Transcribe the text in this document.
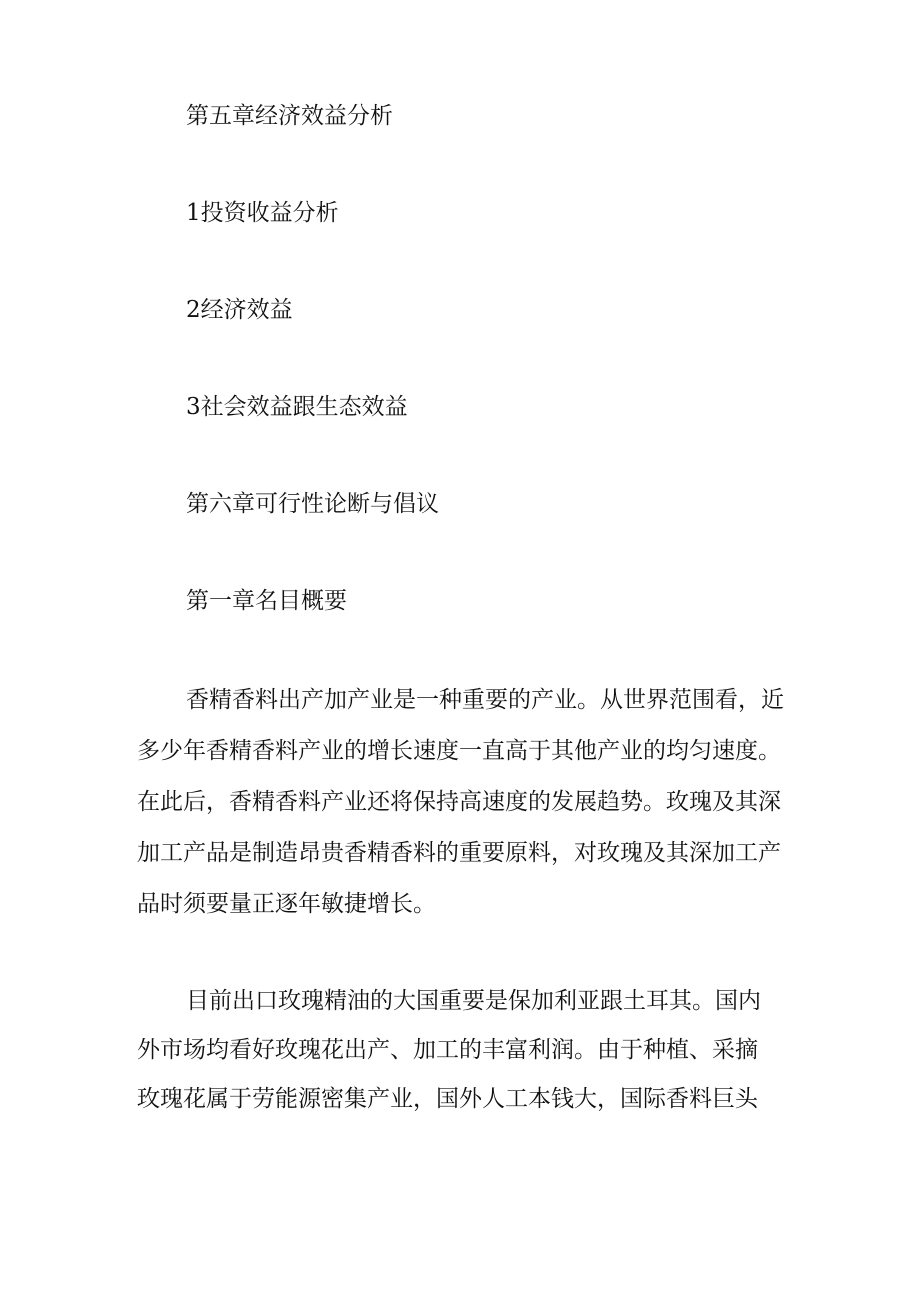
第五章经济效益分析
1投资收益分析
2经济效益
3社会效益跟生态效益
第六章可行性论断与倡议
第一章名目概要
香精香料出产加产业是一种重要的产业。从世界范围看，近
多少年香精香料产业的增长速度一直高于其他产业的均匀速度。
在此后，香精香料产业还将保持高速度的发展趋势。玫瑰及其深
加工产品是制造昂贵香精香料的重要原料，对玫瑰及其深加工产
品时须要量正逐年敏捷增长。
目前出口玫瑰精油的大国重要是保加利亚跟土耳其。国内
外市场均看好玫瑰花出产、加工的丰富利润。由于种植、采摘
玫瑰花属于劳能源密集产业，国外人工本钱大，国际香料巨头
